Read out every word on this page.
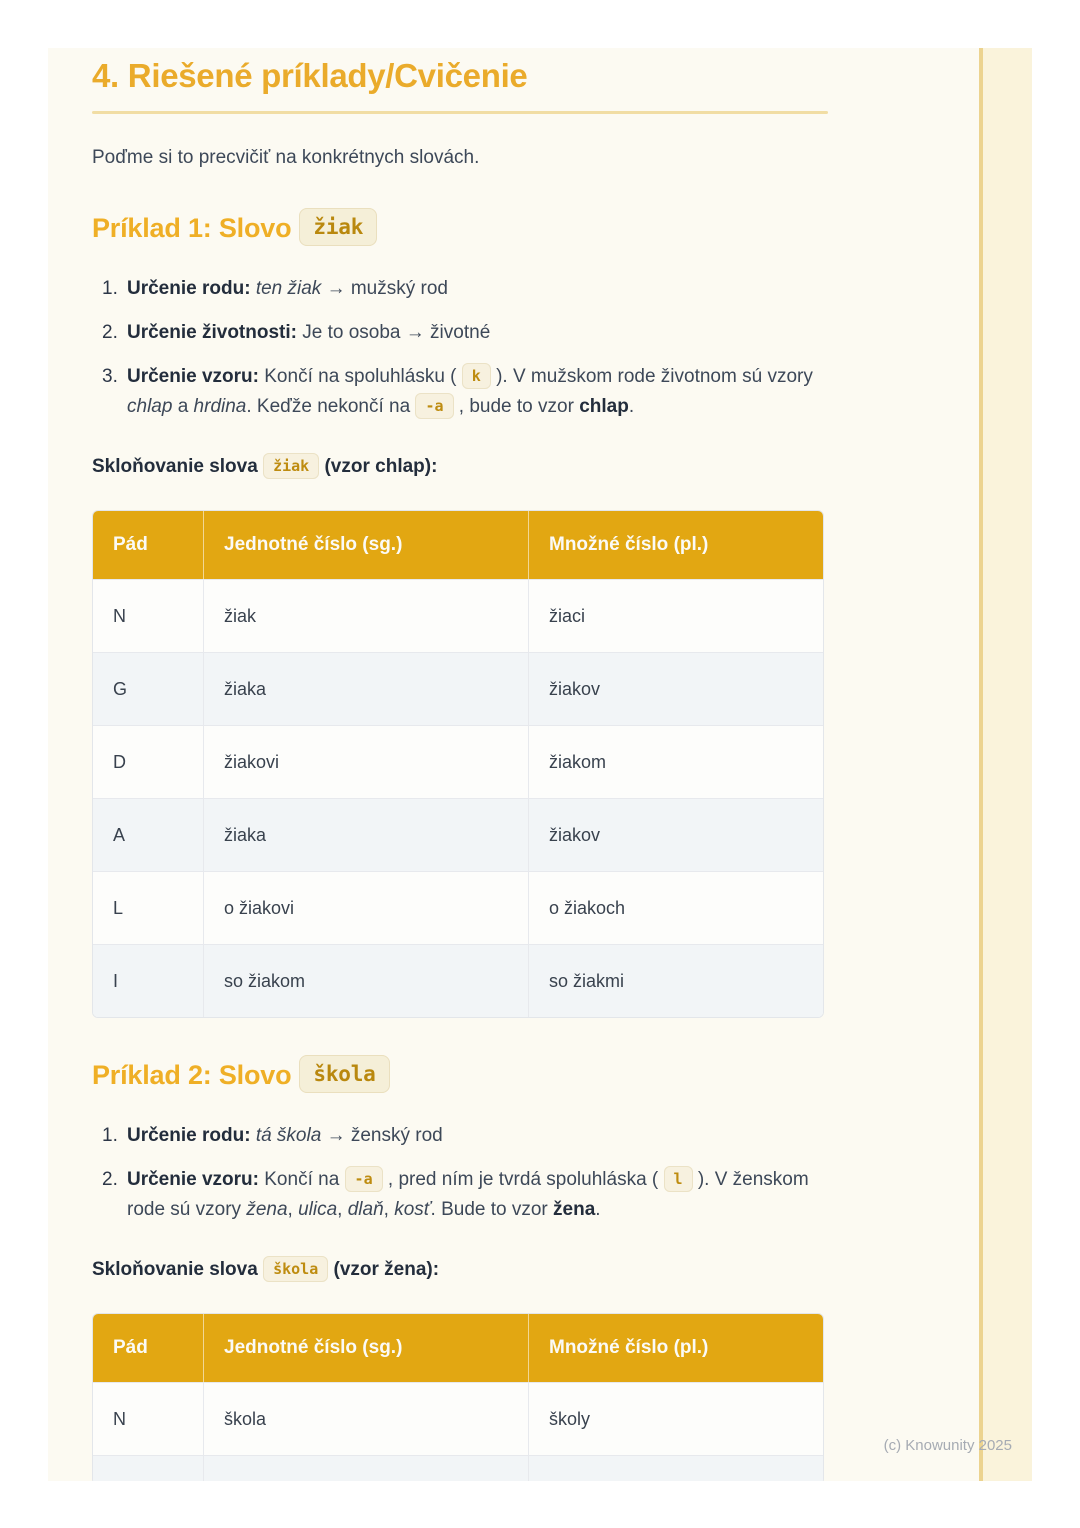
4. Riešené príklady/Cvičenie

Poďme si to precvičiť na konkrétnych slovách.

Príklad 1: Slovo žiak
Určenie rodu: ten žiak → mužský rod
Určenie životnosti: Je to osoba → životné
Určenie vzoru: Končí na spoluhlásku ( k ). V mužskom rode životnom sú vzory chlap a hrdina. Keďže nekončí na -a , bude to vzor chlap.

Skloňovanie slova žiak (vzor chlap):

Pád	Jednotné číslo (sg.)	Množné číslo (pl.)
N	žiak	žiaci
G	žiaka	žiakov
D	žiakovi	žiakom
A	žiaka	žiakov
L	o žiakovi	o žiakoch
I	so žiakom	so žiakmi
Príklad 2: Slovo škola
Určenie rodu: tá škola → ženský rod
Určenie vzoru: Končí na -a , pred ním je tvrdá spoluhláska ( l ). V ženskom rode sú vzory žena, ulica, dlaň, kosť. Bude to vzor žena.

Skloňovanie slova škola (vzor žena):

Pád	Jednotné číslo (sg.)	Množné číslo (pl.)
N	škola	školy

(c) Knowunity 2025
